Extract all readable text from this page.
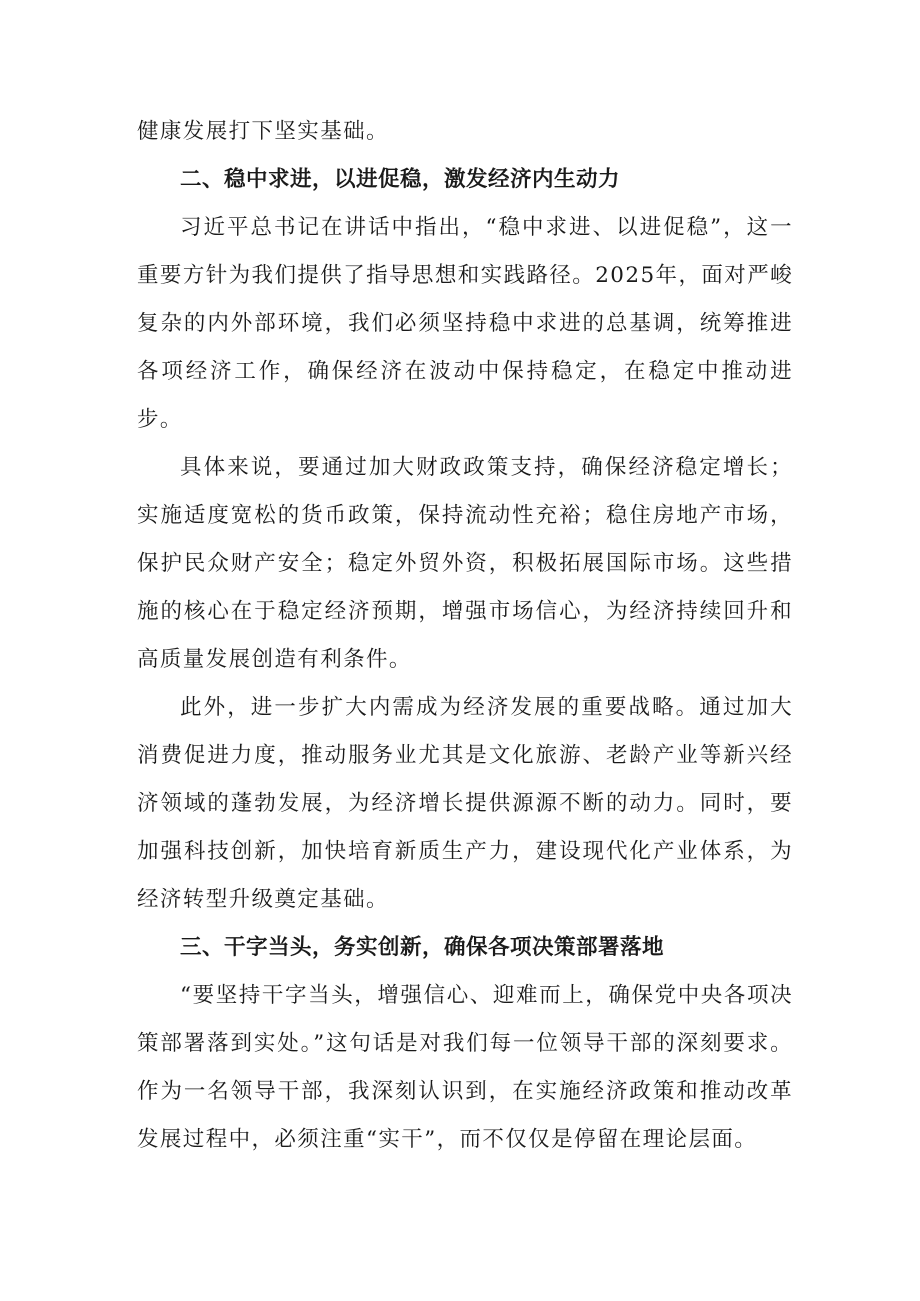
健康发展打下坚实基础。

二、稳中求进，以进促稳，激发经济内生动力

习近平总书记在讲话中指出，“稳中求进、以进促稳”，这一重要方针为我们提供了指导思想和实践路径。2025年，面对严峻复杂的内外部环境，我们必须坚持稳中求进的总基调，统筹推进各项经济工作，确保经济在波动中保持稳定，在稳定中推动进步。

具体来说，要通过加大财政政策支持，确保经济稳定增长；实施适度宽松的货币政策，保持流动性充裕；稳住房地产市场，保护民众财产安全；稳定外贸外资，积极拓展国际市场。这些措施的核心在于稳定经济预期，增强市场信心，为经济持续回升和高质量发展创造有利条件。

此外，进一步扩大内需成为经济发展的重要战略。通过加大消费促进力度，推动服务业尤其是文化旅游、老龄产业等新兴经济领域的蓬勃发展，为经济增长提供源源不断的动力。同时，要加强科技创新，加快培育新质生产力，建设现代化产业体系，为经济转型升级奠定基础。

三、干字当头，务实创新，确保各项决策部署落地

“要坚持干字当头，增强信心、迎难而上，确保党中央各项决策部署落到实处。”这句话是对我们每一位领导干部的深刻要求。作为一名领导干部，我深刻认识到，在实施经济政策和推动改革发展过程中，必须注重“实干”，而不仅仅是停留在理论层面。
